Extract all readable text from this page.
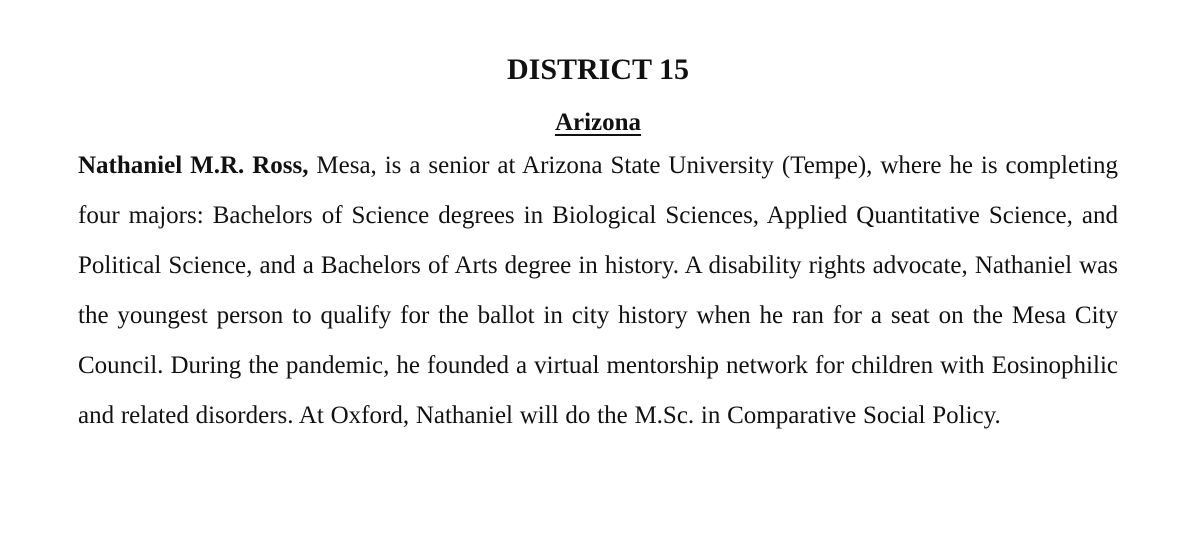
DISTRICT 15
Arizona

Nathaniel M.R. Ross, Mesa, is a senior at Arizona State University (Tempe), where he is completing four majors: Bachelors of Science degrees in Biological Sciences, Applied Quantitative Science, and Political Science, and a Bachelors of Arts degree in history. A disability rights advocate, Nathaniel was the youngest person to qualify for the ballot in city history when he ran for a seat on the Mesa City Council. During the pandemic, he founded a virtual mentorship network for children with Eosinophilic and related disorders. At Oxford, Nathaniel will do the M.Sc. in Comparative Social Policy.
